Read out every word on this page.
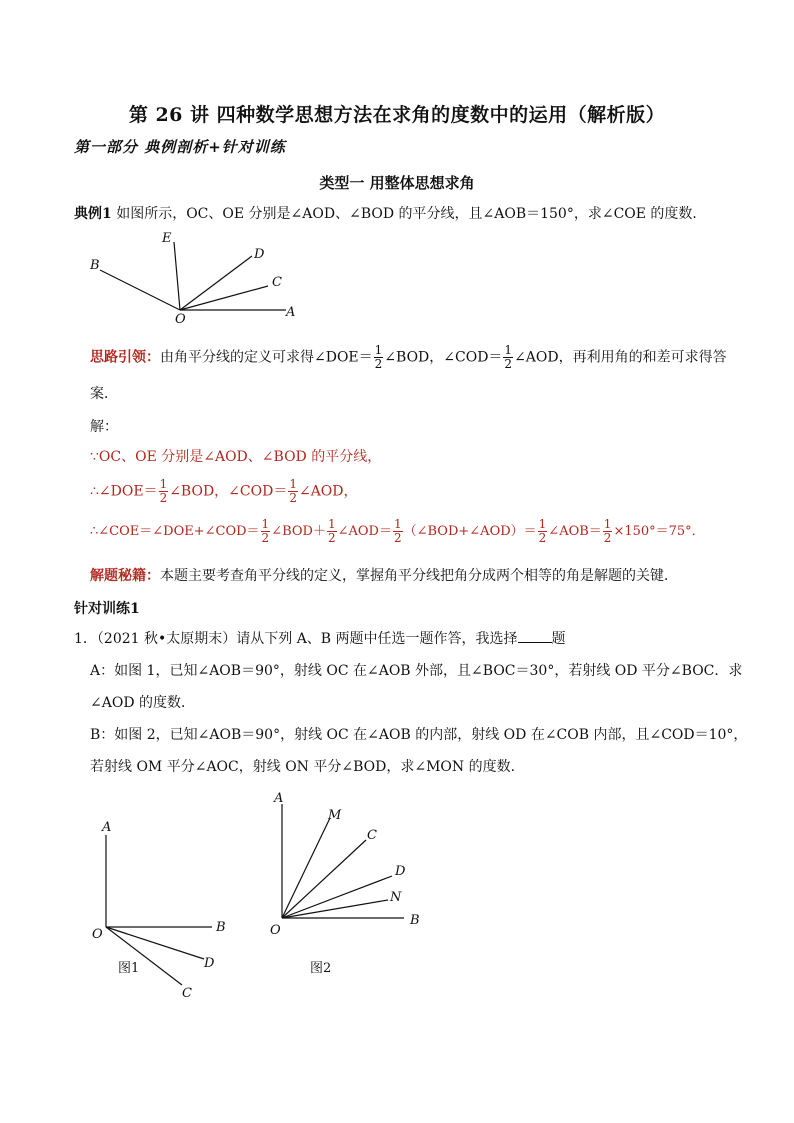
第 26 讲 四种数学思想方法在求角的度数中的运用（解析版）
第一部分 典例剖析+针对训练
类型一 用整体思想求角
典例1 如图所示，OC、OE 分别是∠AOD、∠BOD 的平分线，且∠AOB＝150°，求∠COE 的度数．
B
E
D
C
O	A
思路引领：由角平分线的定义可求得∠DOE＝ $\frac{1}{2}$ ∠BOD，∠COD＝ $\frac{1}{2}$ ∠AOD，再利用角的和差可求得答
案．
解：
∵OC、OE 分别是∠AOD、∠BOD 的平分线，
∴∠DOE＝ $\frac{1}{2}$ ∠BOD，∠COD＝ $\frac{1}{2}$ ∠AOD，
∴∠COE＝∠DOE+∠COD＝ $\frac{1}{2}$ ∠BOD＋ $\frac{1}{2}$ ∠AOD＝ $\frac{1}{2}$ （∠BOD+∠AOD）＝ $\frac{1}{2}$ ∠AOB＝ $\frac{1}{2} \times 150^\circ=75^\circ$．
解题秘籍：本题主要考查角平分线的定义，掌握角平分线把角分成两个相等的角是解题的关键．
针对训练1
1．（2021 秋•太原期末）请从下列 A、B 两题中任选一题作答，我选择 题
A：如图 1，已知∠AOB＝90°，射线 OC 在∠AOB 外部，且∠BOC＝30°，若射线 OD 平分∠BOC．求
∠AOD 的度数．
B：如图 2，已知∠AOB＝90°，射线 OC 在∠AOB 的内部，射线 OD 在∠COB 内部，且∠COD＝10°，
若射线 OM 平分∠AOC，射线 ON 平分∠BOD，求∠MON 的度数．
A
O	B
D
C
图1
A
M
C
D
N
O
B
图2
